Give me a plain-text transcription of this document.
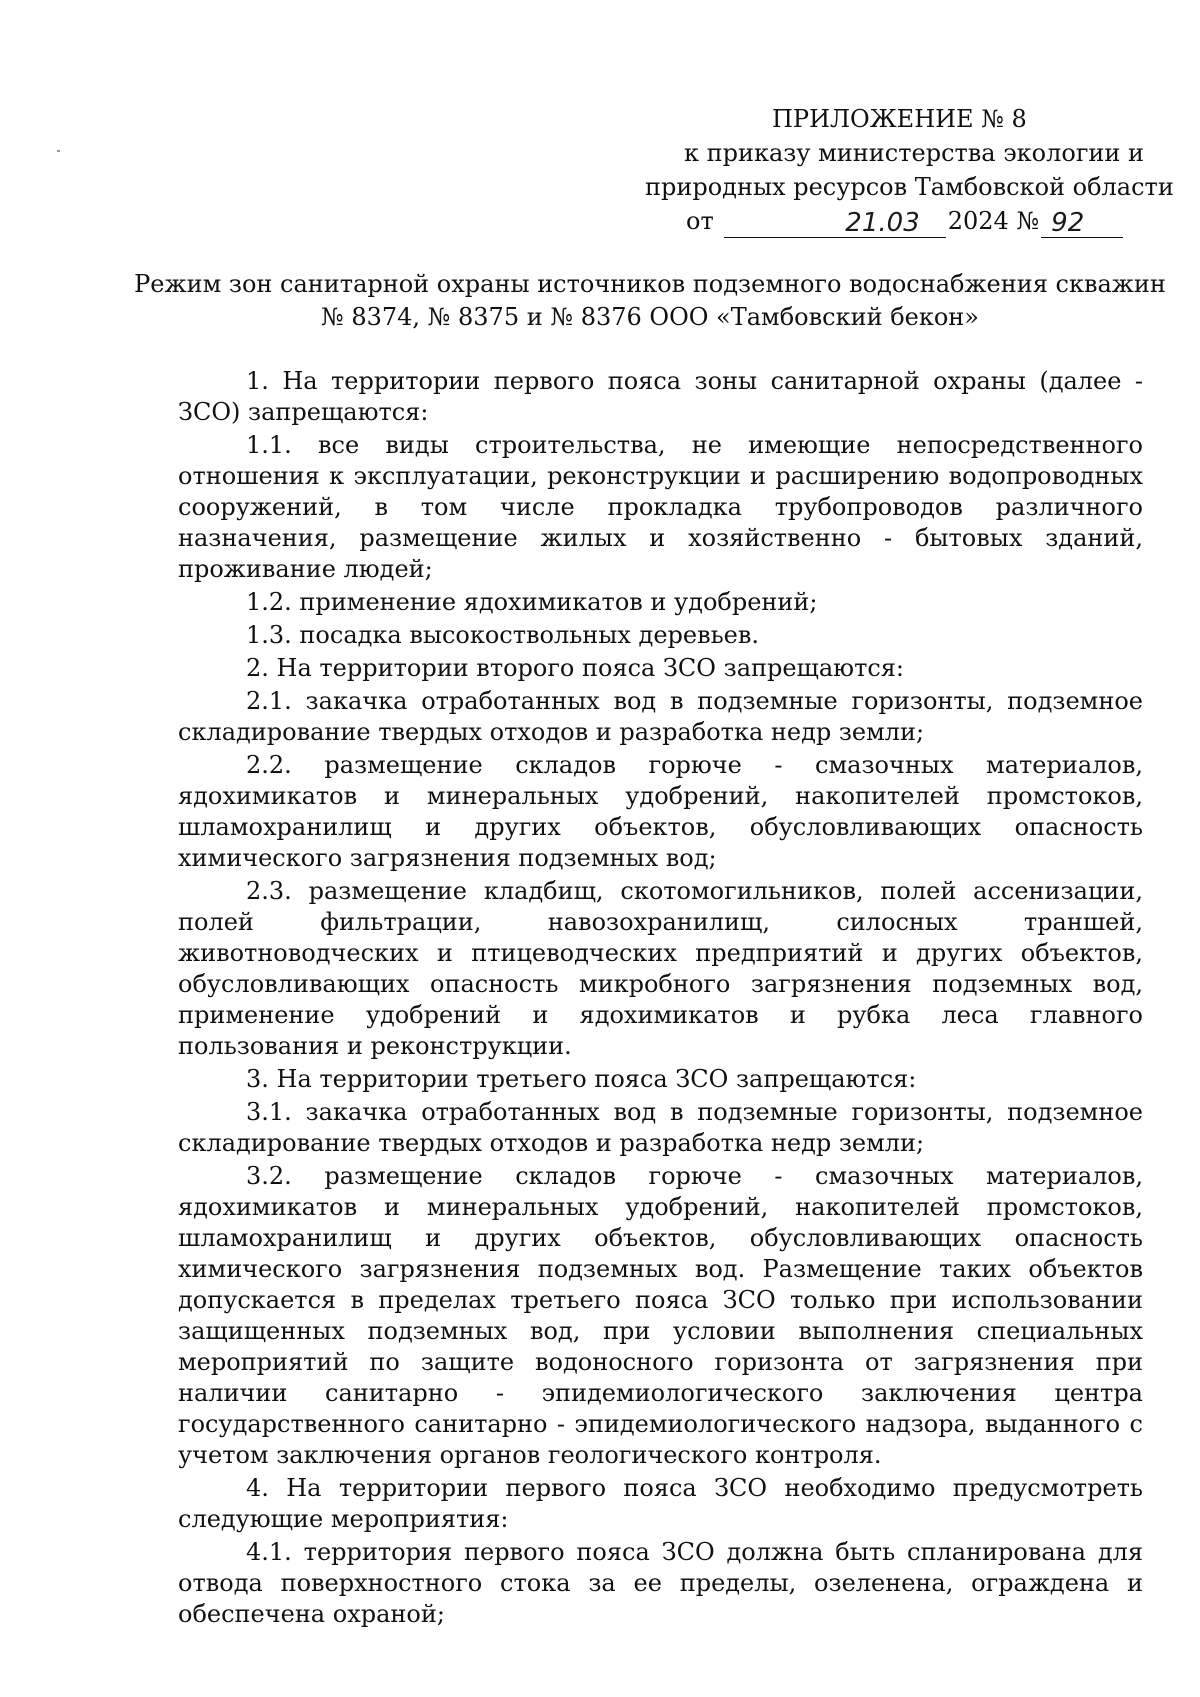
ПРИЛОЖЕНИЕ № 8
к приказу министерства экологии и
природных ресурсов Тамбовской области
от	21.03	2024 № 92
Режим зон санитарной охраны источников подземного водоснабжения скважин
№ 8374, № 8375 и № 8376 ООО «Тамбовский бекон»

1. На территории первого пояса зоны санитарной охраны (далее - ЗСО) запрещаются:

1.1. все виды строительства, не имеющие непосредственного отношения к эксплуатации, реконструкции и расширению водопроводных сооружений, в том числе прокладка трубопроводов различного назначения, размещение жилых и хозяйственно - бытовых зданий, проживание людей;

1.2. применение ядохимикатов и удобрений;

1.3. посадка высокоствольных деревьев.

2. На территории второго пояса ЗСО запрещаются:

2.1. закачка отработанных вод в подземные горизонты, подземное складирование твердых отходов и разработка недр земли;

2.2. размещение складов горюче - смазочных материалов, ядохимикатов и минеральных удобрений, накопителей промстоков, шламохранилищ и других объектов, обусловливающих опасность химического загрязнения подземных вод;

2.3. размещение кладбищ, скотомогильников, полей ассенизации, полей фильтрации, навозохранилищ, силосных траншей, животноводческих и птицеводческих предприятий и других объектов, обусловливающих опасность микробного загрязнения подземных вод, применение удобрений и ядохимикатов и рубка леса главного пользования и реконструкции.

3. На территории третьего пояса ЗСО запрещаются:

3.1. закачка отработанных вод в подземные горизонты, подземное складирование твердых отходов и разработка недр земли;

3.2. размещение складов горюче - смазочных материалов, ядохимикатов и минеральных удобрений, накопителей промстоков, шламохранилищ и других объектов, обусловливающих опасность химического загрязнения подземных вод. Размещение таких объектов допускается в пределах третьего пояса ЗСО только при использовании защищенных подземных вод, при условии выполнения специальных мероприятий по защите водоносного горизонта от загрязнения при наличии санитарно - эпидемиологического заключения центра государственного санитарно - эпидемиологического надзора, выданного с учетом заключения органов геологического контроля.

4. На территории первого пояса ЗСО необходимо предусмотреть следующие мероприятия:

4.1. территория первого пояса ЗСО должна быть спланирована для отвода поверхностного стока за ее пределы, озеленена, ограждена и обеспечена охраной;
